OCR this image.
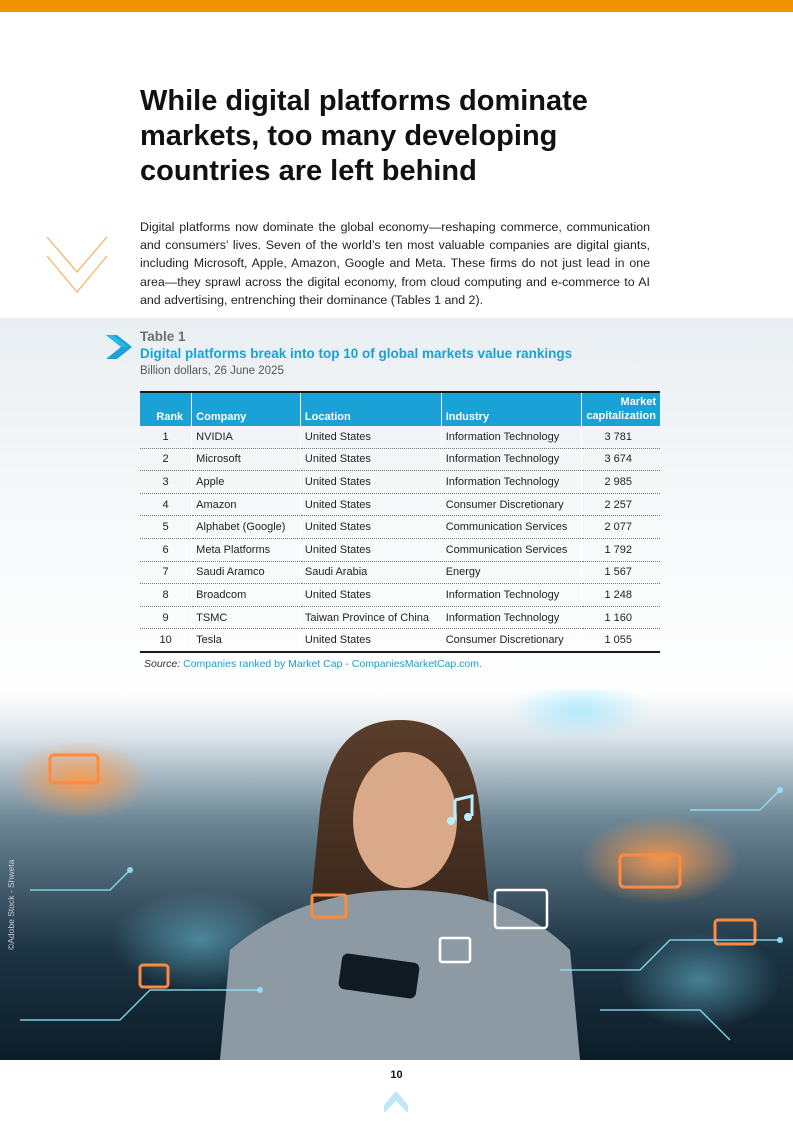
While digital platforms dominate markets, too many developing countries are left behind

Digital platforms now dominate the global economy—reshaping commerce, communication and consumers’ lives. Seven of the world’s ten most valuable companies are digital giants, including Microsoft, Apple, Amazon, Google and Meta. These firms do not just lead in one area—they sprawl across the digital economy, from cloud computing and e-commerce to AI and advertising, entrenching their dominance (Tables 1 and 2).

Table 1
Digital platforms break into top 10 of global markets value rankings
Billion dollars, 26 June 2025
Rank	Company	Location	Industry	Market
capitalization
1	NVIDIA	United States	Information Technology	3 781
2	Microsoft	United States	Information Technology	3 674
3	Apple	United States	Information Technology	2 985
4	Amazon	United States	Consumer Discretionary	2 257
5	Alphabet (Google)	United States	Communication Services	2 077
6	Meta Platforms	United States	Communication Services	1 792
7	Saudi Aramco	Saudi Arabia	Energy	1 567
8	Broadcom	United States	Information Technology	1 248
9	TSMC	Taiwan Province of China	Information Technology	1 160
10	Tesla	United States	Consumer Discretionary	1 055
Source: Companies ranked by Market Cap - CompaniesMarketCap.com.
©Adobe Stock - Shweta
10
